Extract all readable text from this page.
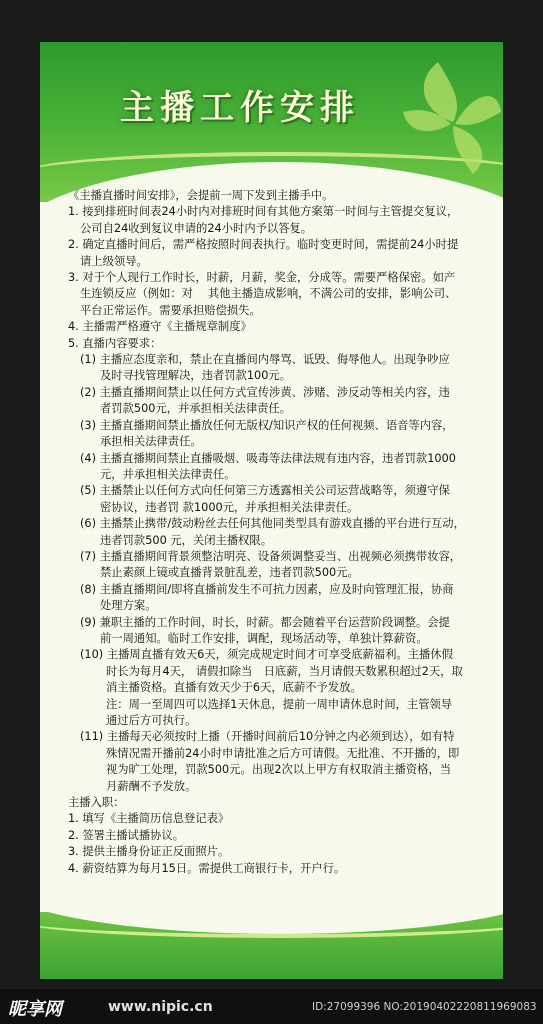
主播工作安排
《主播直播时间安排》，会提前一周下发到主播手中。
1. 接到排班时间表24小时内对排班时间有其他方案第一时间与主管提交复议，
公司自24收到复议申请的24小时内予以答复。
2. 确定直播时间后，需严格按照时间表执行。临时变更时间，需提前24小时提
请上级领导。
3. 对于个人现行工作时长，时薪，月薪，奖金，分成等。需要严格保密。如产
生连锁反应（例如：对　 其他主播造成影响，不满公司的安排，影响公司、
平台正常运作。需要承担赔偿损失。
4. 主播需严格遵守《主播规章制度》
5. 直播内容要求：
(1) 主播应态度亲和，禁止在直播间内辱骂、诋毁、侮辱他人。出现争吵应
及时寻找管理解决，违者罚款100元。
(2) 主播直播期间禁止以任何方式宣传涉黄、涉赌、涉反动等相关内容，违
者罚款500元，并承担相关法律责任。
(3) 主播直播期间禁止播放任何无版权/知识产权的任何视频、语音等内容，
承担相关法律责任。
(4) 主播直播期间禁止直播吸烟、吸毒等法律法规有违内容，违者罚款1000
元，并承担相关法律责任。
(5) 主播禁止以任何方式向任何第三方透露相关公司运营战略等，须遵守保
密协议，违者罚 款1000元，并承担相关法律责任。
(6) 主播禁止携带/鼓动粉丝去任何其他同类型具有游戏直播的平台进行互动，
违者罚款500 元，关闭主播权限。
(7) 主播直播期间背景须整洁明亮、设备须调整妥当、出视频必须携带妆容，
禁止素颜上镜或直播背景脏乱差，违者罚款500元。
(8) 主播直播期间/即将直播前发生不可抗力因素，应及时向管理汇报，协商
处理方案。
(9) 兼职主播的工作时间，时长，时薪。都会随着平台运营阶段调整。会提
前一周通知。临时工作安排，调配，现场活动等，单独计算薪资。
(10) 主播周直播有效天6天，须完成规定时间才可享受底薪福利。主播休假
时长为每月4天， 请假扣除当　日底薪，当月请假天数累积超过2天，取
消主播资格。直播有效天少于6天，底薪不予发放。
注：周一至周四可以选择1天休息，提前一周申请休息时间，主管领导
通过后方可执行。
(11) 主播每天必须按时上播（开播时间前后10分钟之内必须到达），如有特
殊情况需开播前24小时申请批准之后方可请假。无批准、不开播的，即
视为旷工处理，罚款500元。出现2次以上甲方有权取消主播资格，当
月薪酬不予发放。
主播入职：
1. 填写《主播简历信息登记表》
2. 签署主播试播协议。
3. 提供主播身份证正反面照片。
4. 薪资结算为每月15日。需提供工商银行卡，开户行。
昵享网	www.nipic.cn	ID:27099396 NO:20190402220811969083
